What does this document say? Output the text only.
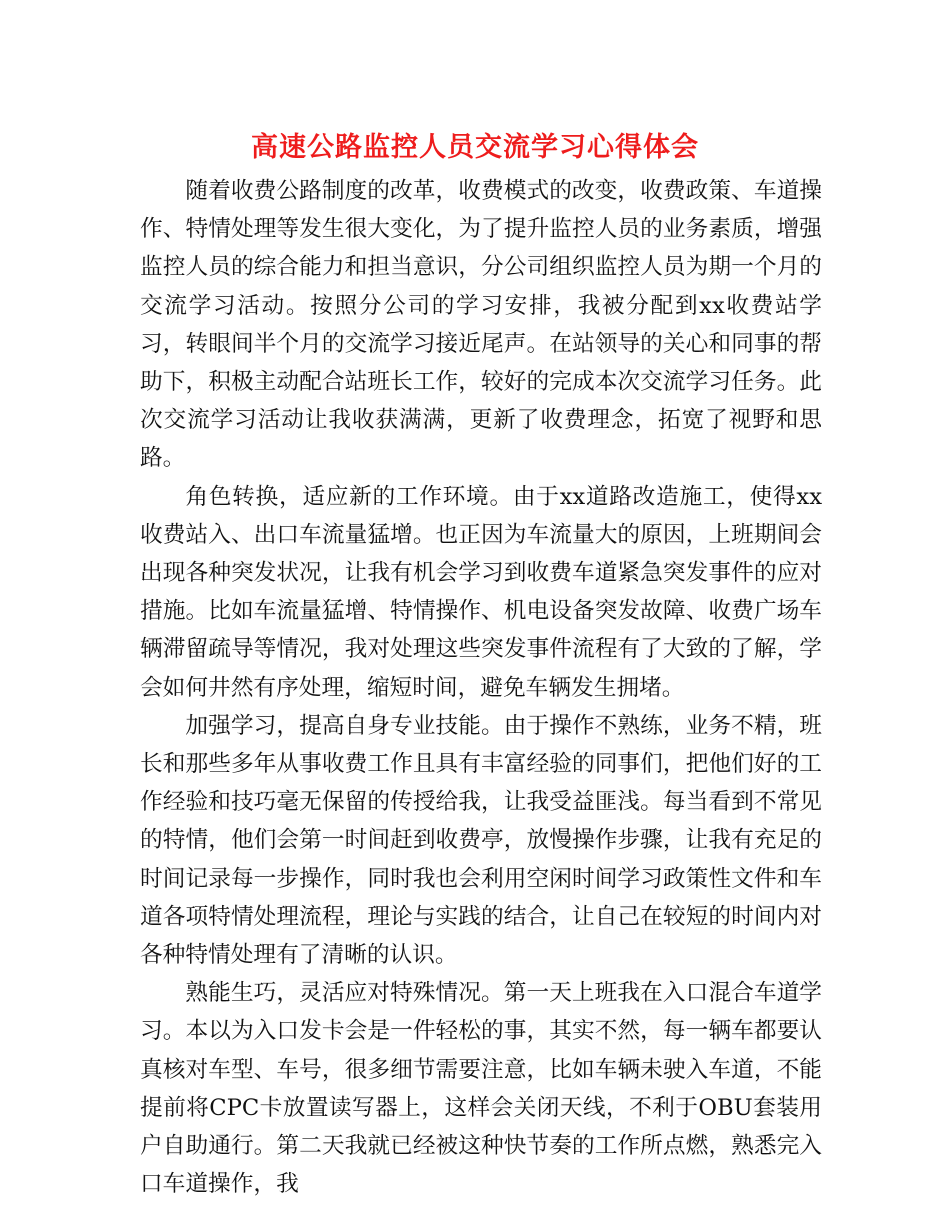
高速公路监控人员交流学习心得体会

随着收费公路制度的改革，收费模式的改变，收费政策、车道操作、特情处理等发生很大变化，为了提升监控人员的业务素质，增强监控人员的综合能力和担当意识，分公司组织监控人员为期一个月的交流学习活动。按照分公司的学习安排，我被分配到xx收费站学习，转眼间半个月的交流学习接近尾声。在站领导的关心和同事的帮助下，积极主动配合站班长工作，较好的完成本次交流学习任务。此次交流学习活动让我收获满满，更新了收费理念，拓宽了视野和思路。

角色转换，适应新的工作环境。由于xx道路改造施工，使得xx收费站入、出口车流量猛增。也正因为车流量大的原因，上班期间会出现各种突发状况，让我有机会学习到收费车道紧急突发事件的应对措施。比如车流量猛增、特情操作、机电设备突发故障、收费广场车辆滞留疏导等情况，我对处理这些突发事件流程有了大致的了解，学会如何井然有序处理，缩短时间，避免车辆发生拥堵。

加强学习，提高自身专业技能。由于操作不熟练，业务不精，班长和那些多年从事收费工作且具有丰富经验的同事们，把他们好的工作经验和技巧毫无保留的传授给我，让我受益匪浅。每当看到不常见的特情，他们会第一时间赶到收费亭，放慢操作步骤，让我有充足的时间记录每一步操作，同时我也会利用空闲时间学习政策性文件和车道各项特情处理流程，理论与实践的结合，让自己在较短的时间内对各种特情处理有了清晰的认识。

熟能生巧，灵活应对特殊情况。第一天上班我在入口混合车道学习。本以为入口发卡会是一件轻松的事，其实不然，每一辆车都要认真核对车型、车号，很多细节需要注意，比如车辆未驶入车道，不能提前将CPC卡放置读写器上，这样会关闭天线，不利于OBU套装用户自助通行。第二天我就已经被这种快节奏的工作所点燃，熟悉完入口车道操作，我
